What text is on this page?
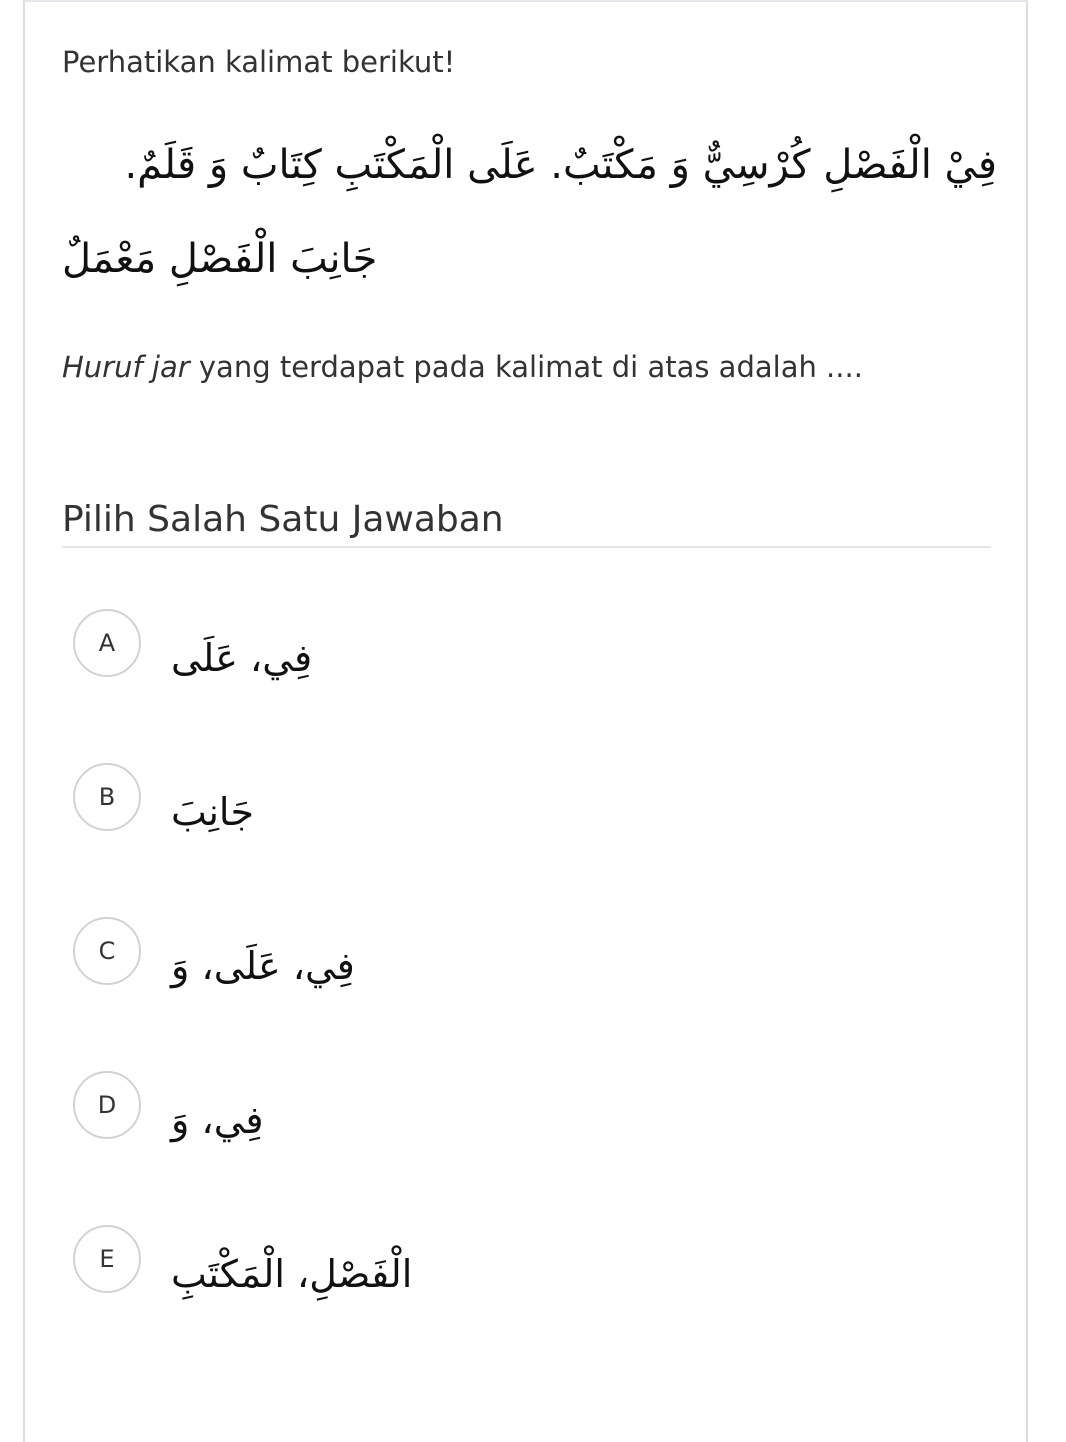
Perhatikan kalimat berikut!
فِيْ الْفَصْلِ كُرْسِيٌّ وَ مَكْتَبٌ. عَلَى الْمَكْتَبِ كِتَابٌ وَ قَلَمٌ.
جَانِبَ الْفَصْلِ مَعْمَلٌ
Huruf jar yang terdapat pada kalimat di atas adalah ....
Pilih Salah Satu Jawaban
A	فِي، عَلَى
B	جَانِبَ
C	فِي، عَلَى، وَ
D	فِي، وَ
E	الْفَصْلِ، الْمَكْتَبِ
